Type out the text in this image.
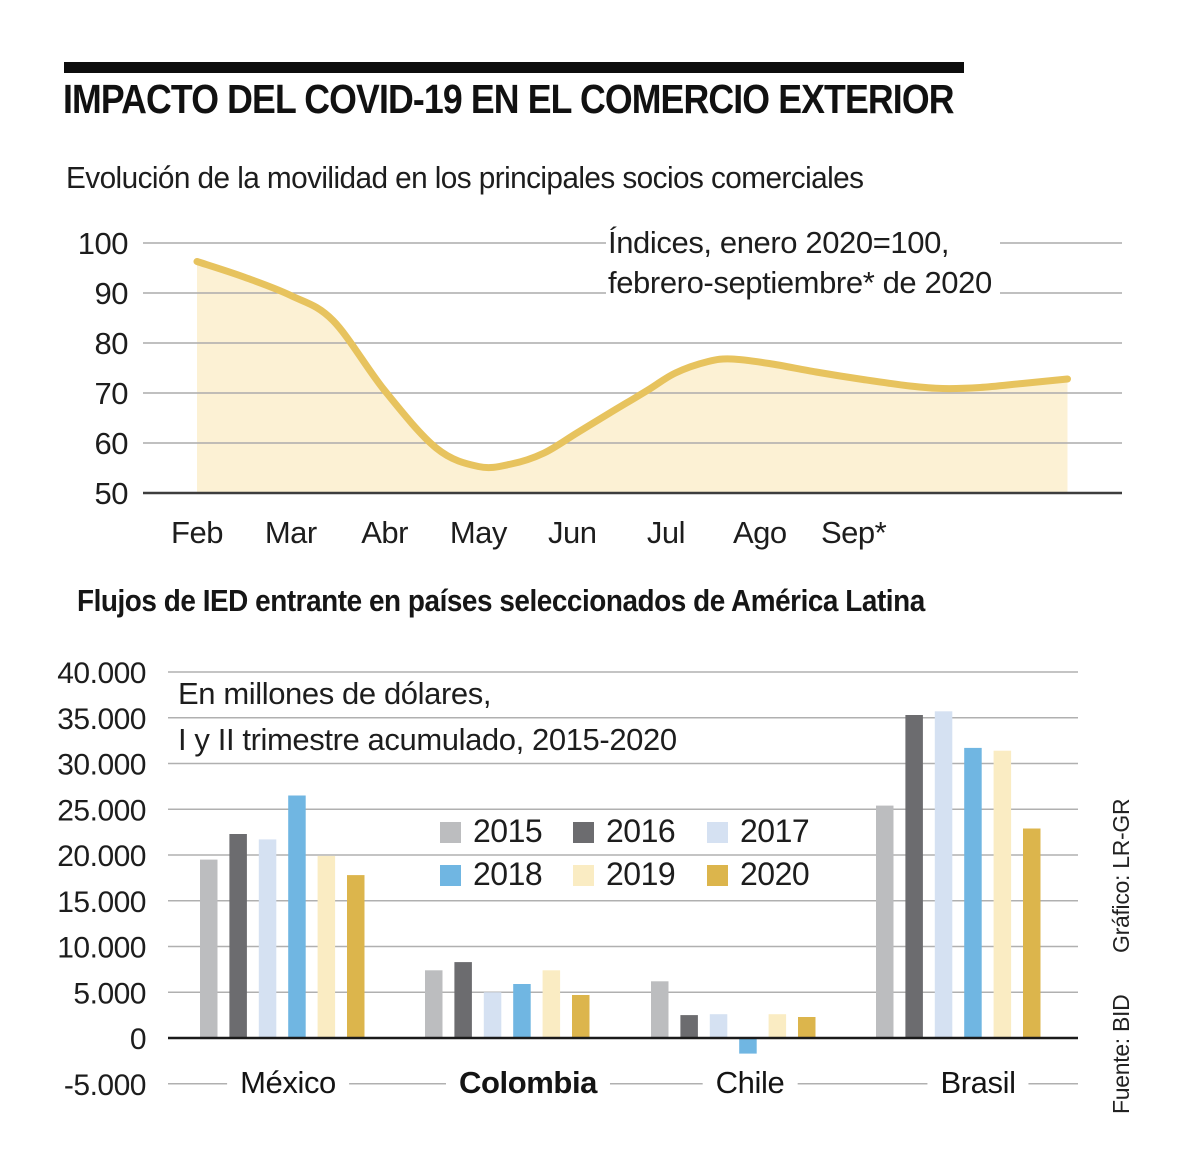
IMPACTO DEL COVID-19 EN EL COMERCIO EXTERIOR
Evolución de la movilidad en los principales socios comerciales
100
90
80
70
60
50
Feb Mar Abr May Jun Jul Ago Sep*
Índices, enero 2020=100,
febrero-septiembre* de 2020
Flujos de IED entrante en países seleccionados de América Latina
40.000
35.000
30.000
25.000
20.000
15.000
10.000
5.000
0
-5.000
En millones de dólares,
I y II trimestre acumulado, 2015-2020
2015 2016 2017
2018 2019 2020
México	Colombia	Chile	Brasil
Gráfico: LR-GR
Fuente: BID
